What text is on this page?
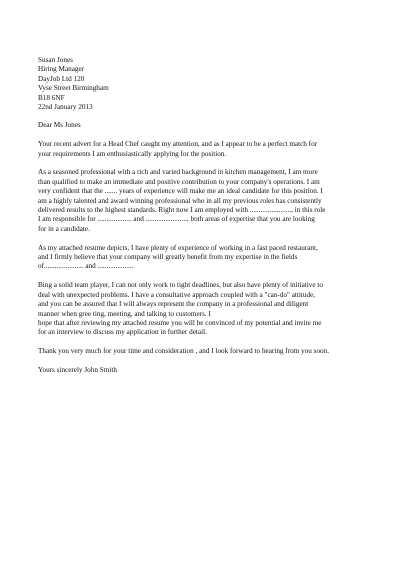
Susan Jones
Hiring Manager
DayJob Ltd 120
Vyse Street Birmingham
B18 6NF
22nd January 2013
Dear Ms Jones
Your recent advert for a Head Chef caught my attention, and as I appear to be a perfect match for
your requirements I am enthusiastically applying for the position.
As a seasoned professional with a rich and varied background in kitchen management, I am more
than qualified to make an immediate and positive contribution to your company's operations. I am
very confident that the ....... years of experience will make me an ideal candidate for this position. I
am a highly talented and award winning professional who in all my previous roles has consistently
delivered results to the highest standards. Right now I am employed with ......................., in this role
I am responsible for ................... and ......................., both areas of expertise that you are looking
for in a candidate.
As my attached resume depicts, I have plenty of experience of working in a fast paced restaurant,
and I firmly believe that your company will greatly benefit from my expertise in the fields
of...................... and ....................
Bing a solid team player, I can not only work to tight deadlines, but also have plenty of initiative to
deal with unexpected problems. I have a consultative approach coupled with a "can-do" attitude,
and you can be assured that I will always represent the company in a professional and diligent
manner when gree ting, meeting, and talking to customers. I
hope that after reviewing my attached resume you will be convinced of my potential and invite me
for an interview to discuss my application in further detail.
Thank you very much for your time and consideration , and I look forward to hearing from you soon.
Yours sincerely John Smith
